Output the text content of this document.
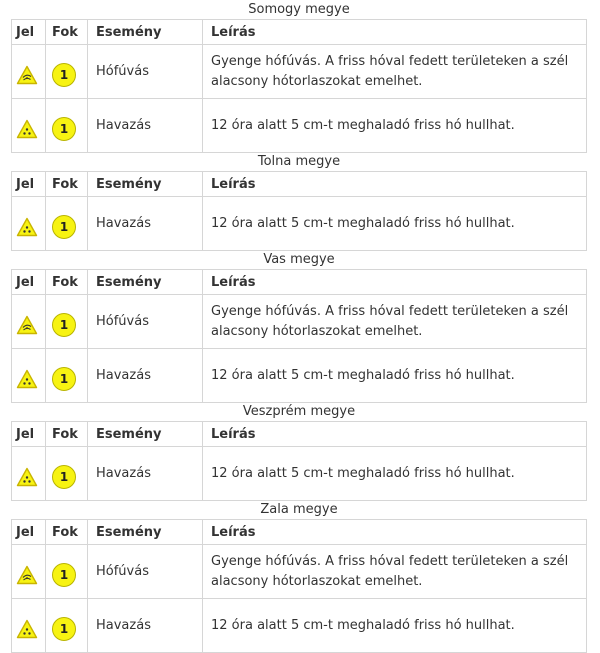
Somogy megye
Jel	Fok	Esemény	Leírás

1	Hófúvás	Gyenge hófúvás. A friss hóval fedett területeken a szél alacsony hótorlaszokat emelhet.

1	Havazás	12 óra alatt 5 cm-t meghaladó friss hó hullhat.
Tolna megye
Jel	Fok	Esemény	Leírás

1	Havazás	12 óra alatt 5 cm-t meghaladó friss hó hullhat.
Vas megye
Jel	Fok	Esemény	Leírás

1	Hófúvás	Gyenge hófúvás. A friss hóval fedett területeken a szél alacsony hótorlaszokat emelhet.

1	Havazás	12 óra alatt 5 cm-t meghaladó friss hó hullhat.
Veszprém megye
Jel	Fok	Esemény	Leírás

1	Havazás	12 óra alatt 5 cm-t meghaladó friss hó hullhat.
Zala megye
Jel	Fok	Esemény	Leírás

1	Hófúvás	Gyenge hófúvás. A friss hóval fedett területeken a szél alacsony hótorlaszokat emelhet.

1	Havazás	12 óra alatt 5 cm-t meghaladó friss hó hullhat.
